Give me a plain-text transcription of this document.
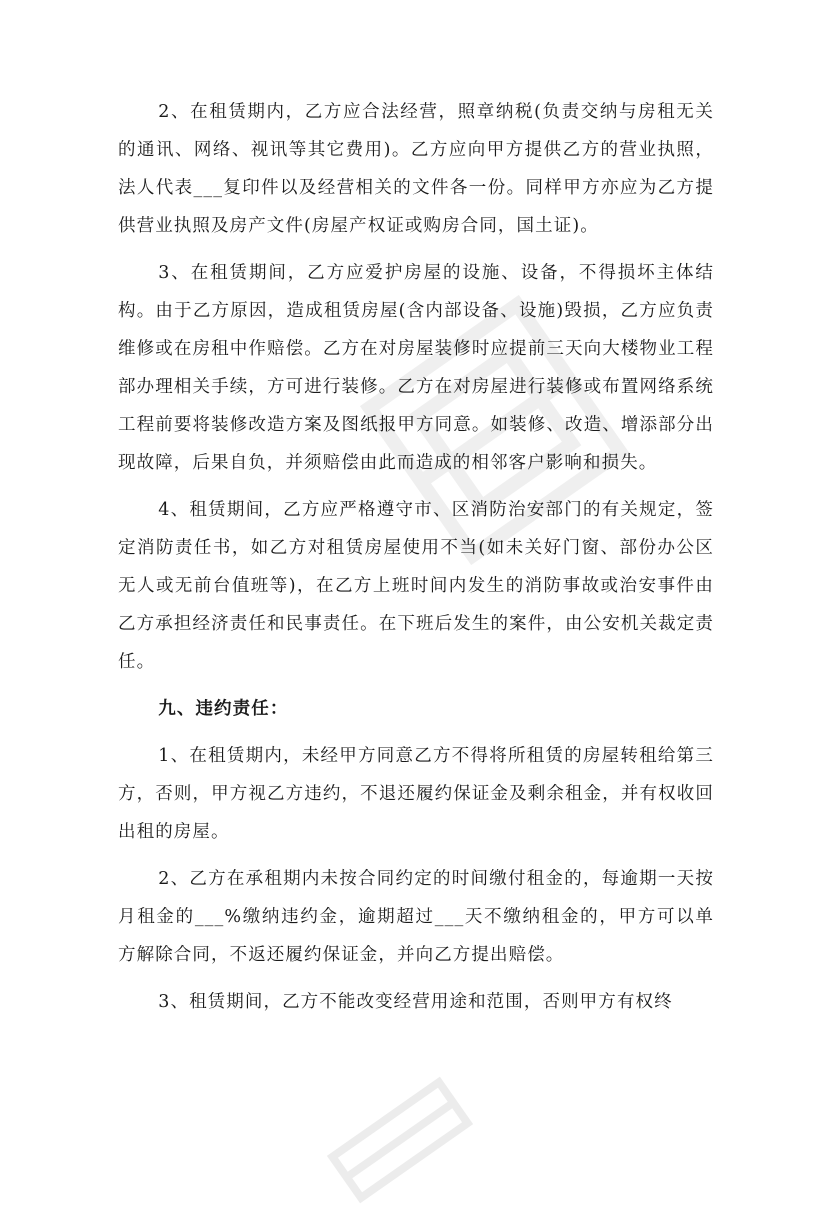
2、在租赁期内，乙方应合法经营，照章纳税(负责交纳与房租无关的通讯、网络、视讯等其它费用)。乙方应向甲方提供乙方的营业执照，法人代表___复印件以及经营相关的文件各一份。同样甲方亦应为乙方提供营业执照及房产文件(房屋产权证或购房合同，国土证)。

3、在租赁期间，乙方应爱护房屋的设施、设备，不得损坏主体结构。由于乙方原因，造成租赁房屋(含内部设备、设施)毁损，乙方应负责维修或在房租中作赔偿。乙方在对房屋装修时应提前三天向大楼物业工程部办理相关手续，方可进行装修。乙方在对房屋进行装修或布置网络系统工程前要将装修改造方案及图纸报甲方同意。如装修、改造、增添部分出现故障，后果自负，并须赔偿由此而造成的相邻客户影响和损失。

4、租赁期间，乙方应严格遵守市、区消防治安部门的有关规定，签定消防责任书，如乙方对租赁房屋使用不当(如未关好门窗、部份办公区无人或无前台值班等)，在乙方上班时间内发生的消防事故或治安事件由乙方承担经济责任和民事责任。在下班后发生的案件，由公安机关裁定责任。

九、违约责任：

1、在租赁期内，未经甲方同意乙方不得将所租赁的房屋转租给第三方，否则，甲方视乙方违约，不退还履约保证金及剩余租金，并有权收回出租的房屋。

2、乙方在承租期内未按合同约定的时间缴付租金的，每逾期一天按月租金的___%缴纳违约金，逾期超过___天不缴纳租金的，甲方可以单方解除合同，不返还履约保证金，并向乙方提出赔偿。

3、租赁期间，乙方不能改变经营用途和范围，否则甲方有权终
